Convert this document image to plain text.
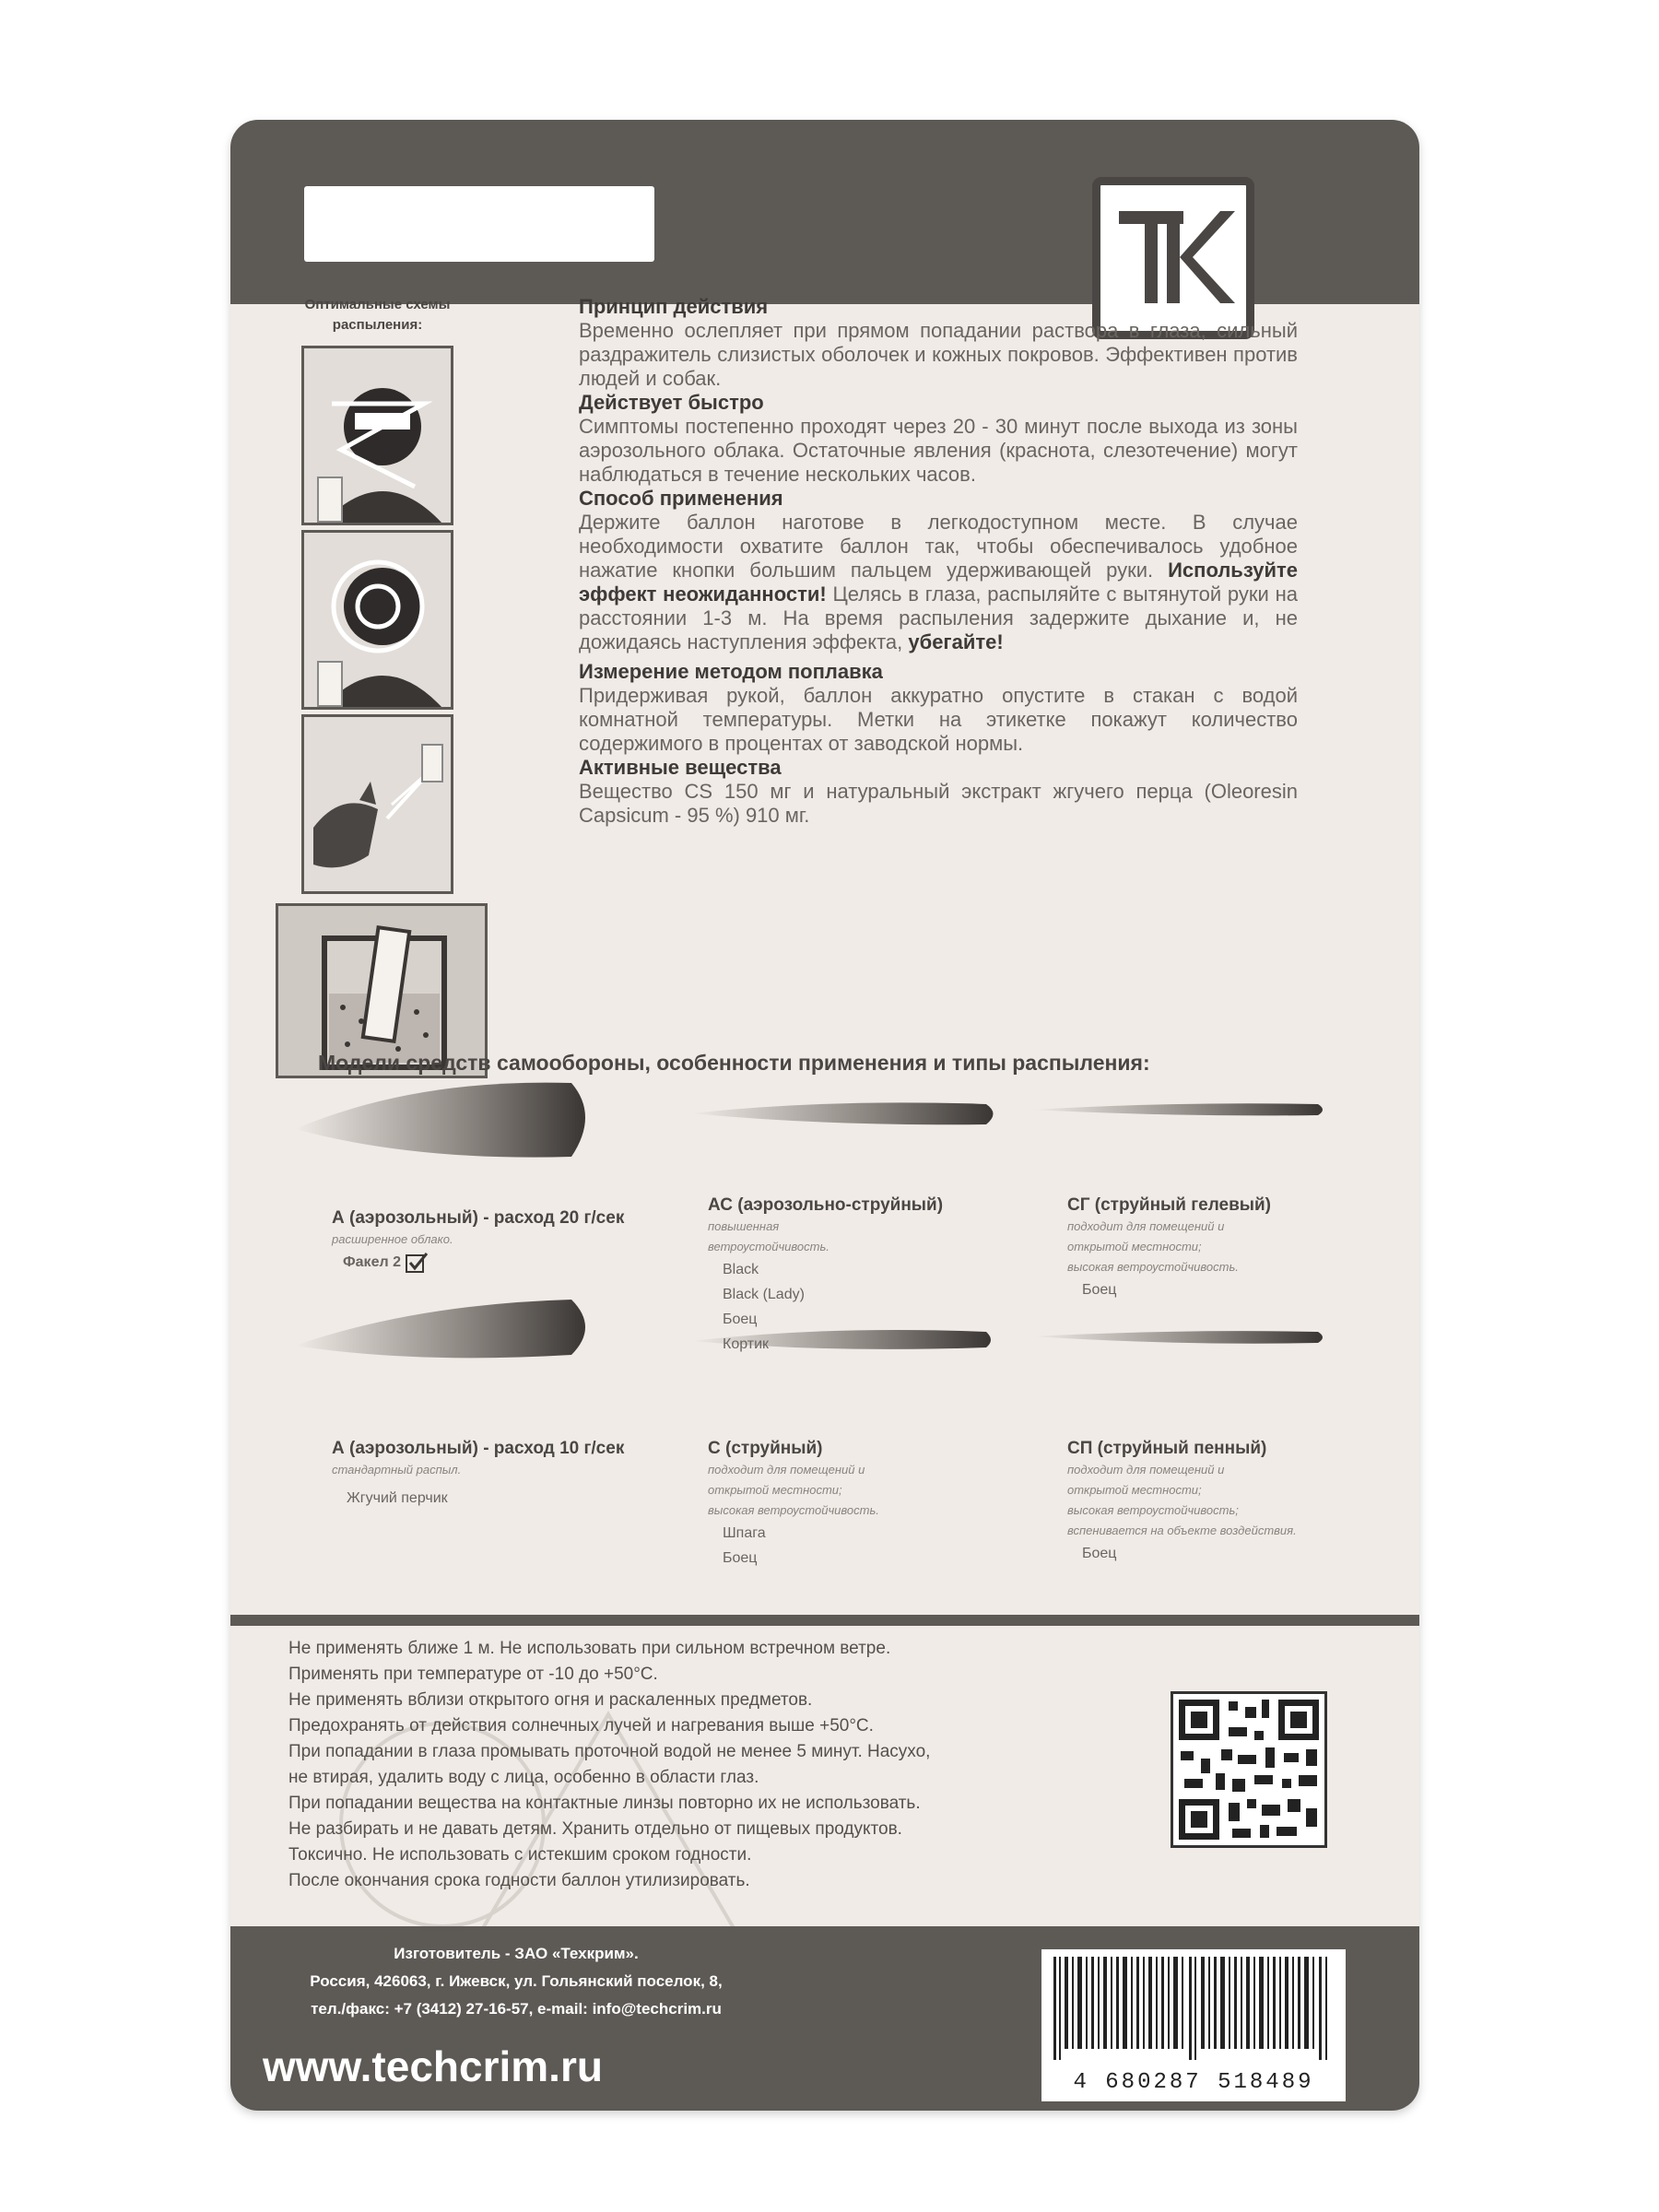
Оптимальные схемы
распыления:
Принцип действия
Временно ослепляет при прямом попадании раствора в глаза, сильный раздражитель слизистых оболочек и кожных покровов. Эффективен против людей и собак.
Действует быстро
Симптомы постепенно проходят через 20 - 30 минут после выхода из зоны аэрозольного облака. Остаточные явления (краснота, слезотечение) могут наблюдаться в течение нескольких часов.
Способ применения
Держите баллон наготове в легкодоступном месте. В случае необходимости охватите баллон так, чтобы обеспечивалось удобное нажатие кнопки большим пальцем удерживающей руки. Используйте эффект неожиданности! Целясь в глаза, распыляйте с вытянутой руки на расстоянии 1-3 м. На время распыления задержите дыхание и, не дожидаясь наступления эффекта, убегайте!
Измерение методом поплавка
Придерживая рукой, баллон аккуратно опустите в стакан с водой комнатной температуры. Метки на этикетке покажут количество содержимого в процентах от заводской нормы.
Активные вещества
Вещество CS 150 мг и натуральный экстракт жгучего перца (Oleoresin Capsicum - 95 %) 910 мг.
Модели средств самообороны, особенности применения и типы распыления:
А (аэрозольный) - расход 20 г/сек
расширенное облако.
Факел 2
АС (аэрозольно-струйный)
повышенная
ветроустойчивость.
Black
Black (Lady)
Боец
Кортик
СГ (струйный гелевый)
подходит для помещений и
открытой местности;
высокая ветроустойчивость.
Боец
А (аэрозольный) - расход 10 г/сек
стандартный распыл.
Жгучий перчик
С (струйный)
подходит для помещений и
открытой местности;
высокая ветроустойчивость.
Шпага
Боец
СП (струйный пенный)
подходит для помещений и
открытой местности;
высокая ветроустойчивость;
вспенивается на объекте воздействия.
Боец
Не применять ближе 1 м. Не использовать при сильном встречном ветре.
Применять при температуре от -10 до +50°С.
Не применять вблизи открытого огня и раскаленных предметов.
Предохранять от действия солнечных лучей и нагревания выше +50°С.
При попадании в глаза промывать проточной водой не менее 5 минут. Насухо,
не втирая, удалить воду с лица, особенно в области глаз.
При попадании вещества на контактные линзы повторно их не использовать.
Не разбирать и не давать детям. Хранить отдельно от пищевых продуктов.
Токсично. Не использовать с истекшим сроком годности.
После окончания срока годности баллон утилизировать.
Изготовитель - ЗАО «Техкрим».
Россия, 426063, г. Ижевск, ул. Гольянский поселок, 8,
тел./факс: +7 (3412) 27-16-57, e-mail: info@techcrim.ru
www.techcrim.ru	4 680287 518489
